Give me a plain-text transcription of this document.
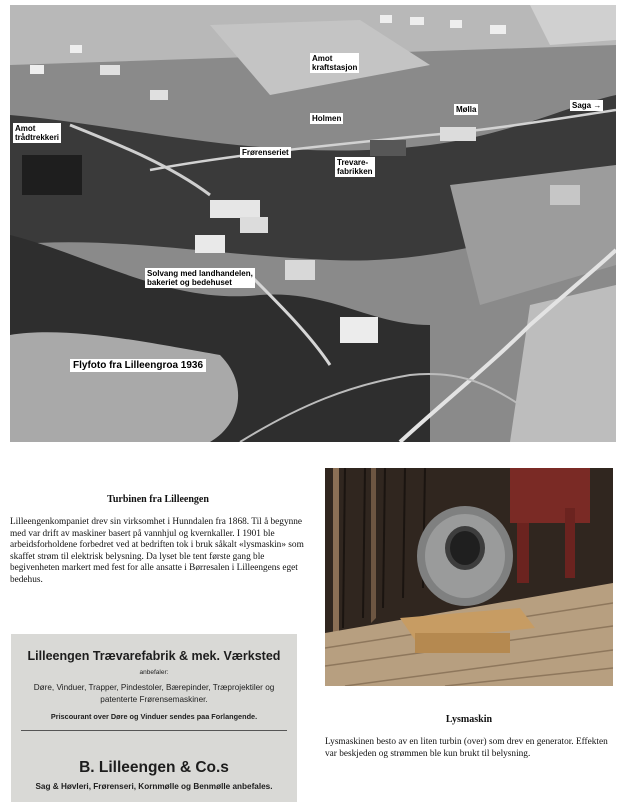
Amot
kraftstasjon
Amot
trådtrekkeri
Holmen
Mølla	Saga →
Frørenseriet
Trevare-
fabrikken
Solvang med landhandelen,
bakeriet og bedehuset
Flyfoto fra Lilleengroa 1936
Turbinen fra Lilleengen
Lilleengenkompaniet drev sin virksomhet i Hunndalen fra 1868. Til å begynne med var drift av maskiner basert på vannhjul og kvernkaller. I 1901 ble arbeidsforholdene forbedret ved at bedriften tok i bruk såkalt «lysmaskin» som skaffet strøm til elektrisk belysning. Da lyset ble tent første gang ble begivenheten markert med fest for alle ansatte i Børresalen i Lilleengens eget bedehus.
Lysmaskin
Lysmaskinen besto av en liten turbin (over) som drev en generator. Effekten var beskjeden og strømmen ble kun brukt til belysning.
Lilleengen Trævarefabrik & mek. Værksted
anbefaler:
Døre, Vinduer, Trapper, Pindestoler, Bærepinder, Træprojektiler og patenterte Frørensemaskiner.
Priscourant over Døre og Vinduer sendes paa Forlangende.
B. Lilleengen & Co.s
Sag & Høvleri, Frørenseri, Kornmølle og Benmølle anbefales.
